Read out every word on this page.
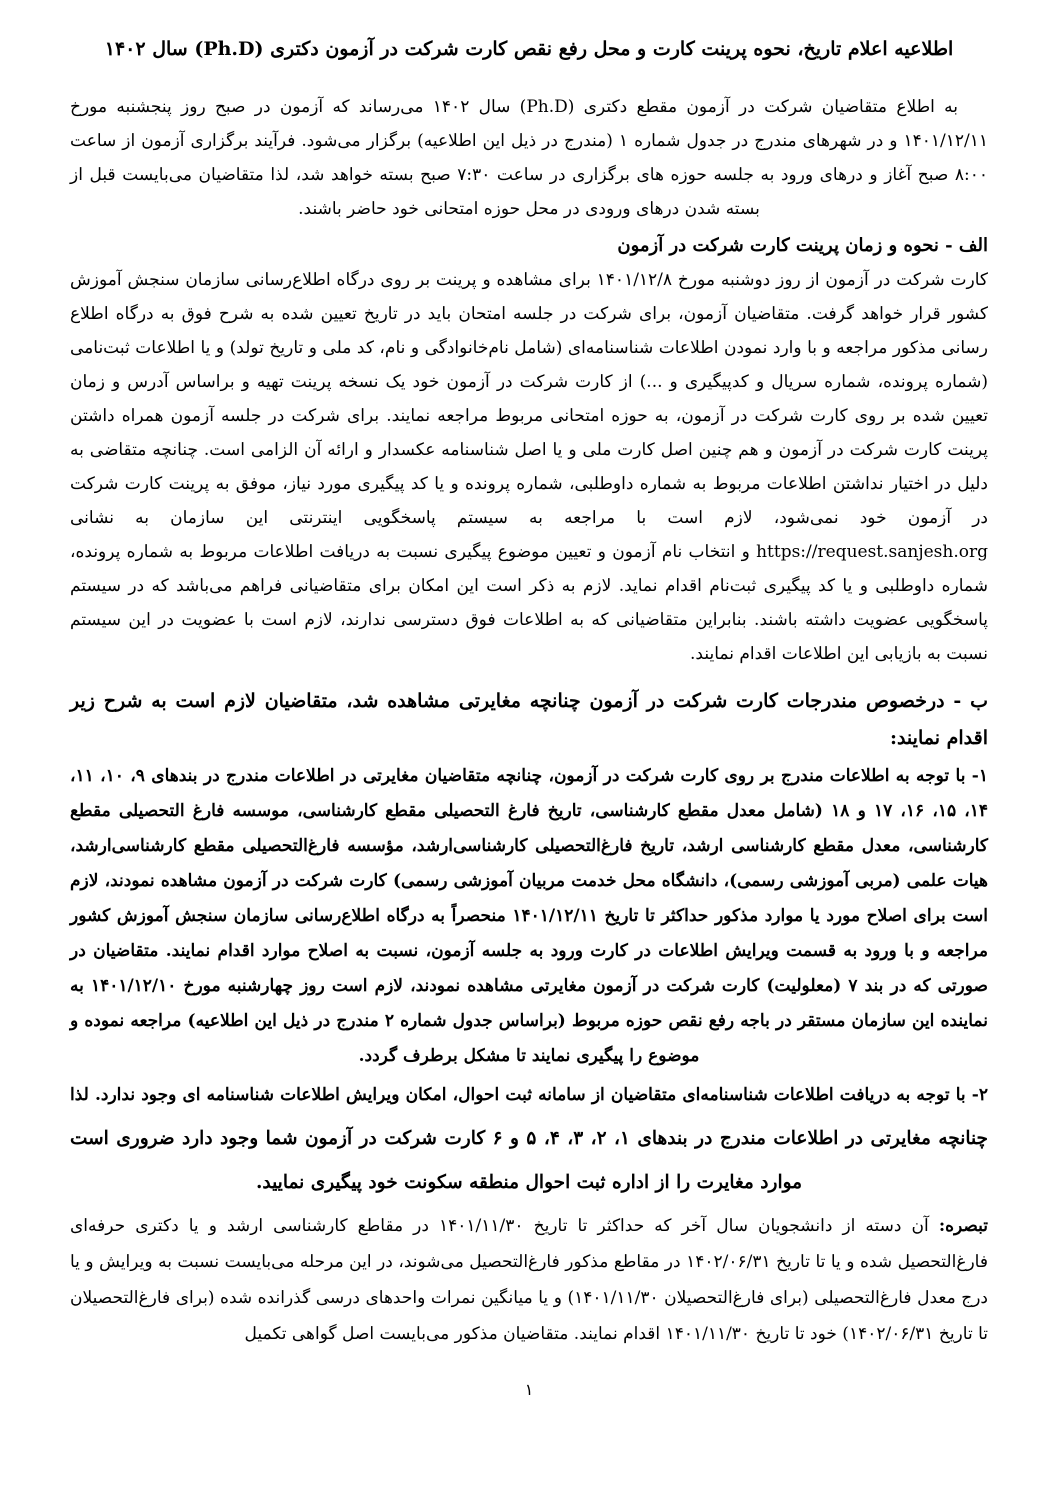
اطلاعیه اعلام تاریخ، نحوه پرینت کارت و محل رفع نقص کارت شرکت در آزمون دکتری (Ph.D) سال ۱۴۰۲

به اطلاع متقاضیان شرکت در آزمون مقطع دکتری (Ph.D) سال ۱۴۰۲ می‌رساند که آزمون در صبح روز پنجشنبه مورخ ۱۴۰۱/۱۲/۱۱ و در شهرهای مندرج در جدول شماره ۱ (مندرج در ذیل این اطلاعیه) برگزار می‌شود. فرآیند برگزاری آزمون از ساعت ۸:۰۰ صبح آغاز و درهای ورود به جلسه حوزه های برگزاری در ساعت ۷:۳۰ صبح بسته خواهد شد، لذا متقاضیان می‌بایست قبل از بسته شدن درهای ورودی در محل حوزه امتحانی خود حاضر باشند.

الف - نحوه و زمان پرینت کارت شرکت در آزمون

کارت شرکت در آزمون از روز دوشنبه مورخ ۱۴۰۱/۱۲/۸ برای مشاهده و پرینت بر روی درگاه اطلاع‌رسانی سازمان سنجش آموزش کشور قرار خواهد گرفت. متقاضیان آزمون، برای شرکت در جلسه امتحان باید در تاریخ تعیین شده به شرح فوق به درگاه اطلاع رسانی مذکور مراجعه و با وارد نمودن اطلاعات شناسنامه‌ای (شامل نام‌خانوادگی و نام، کد ملی و تاریخ تولد) و یا اطلاعات ثبت‌نامی (شماره پرونده، شماره سریال و کدپیگیری و ...) از کارت شرکت در آزمون خود یک نسخه پرینت تهیه و براساس آدرس و زمان تعیین شده بر روی کارت شرکت در آزمون، به حوزه امتحانی مربوط مراجعه نمایند. برای شرکت در جلسه آزمون همراه داشتن پرینت کارت شرکت در آزمون و هم چنین اصل کارت ملی و یا اصل شناسنامه عکسدار و ارائه آن الزامی است. چنانچه متقاضی به دلیل در اختیار نداشتن اطلاعات مربوط به شماره داوطلبی، شماره پرونده و یا کد پیگیری مورد نیاز، موفق به پرینت کارت شرکت در آزمون خود نمی‌شود، لازم است با مراجعه به سیستم پاسخگویی اینترنتی این سازمان به نشانی https://request.sanjesh.org و انتخاب نام آزمون و تعیین موضوع پیگیری نسبت به دریافت اطلاعات مربوط به شماره پرونده، شماره داوطلبی و یا کد پیگیری ثبت‌نام اقدام نماید. لازم به ذکر است این امکان برای متقاضیانی فراهم می‌باشد که در سیستم پاسخگویی عضویت داشته باشند. بنابراین متقاضیانی که به اطلاعات فوق دسترسی ندارند، لازم است با عضویت در این سیستم نسبت به بازیابی این اطلاعات اقدام نمایند.

ب - درخصوص مندرجات کارت شرکت در آزمون چنانچه مغایرتی مشاهده شد، متقاضیان لازم است به شرح زیر اقدام نمایند:

۱- با توجه به اطلاعات مندرج بر روی کارت شرکت در آزمون، چنانچه متقاضیان مغایرتی در اطلاعات مندرج در بندهای ۹، ۱۰، ۱۱، ۱۴، ۱۵، ۱۶، ۱۷ و ۱۸ (شامل معدل مقطع کارشناسی، تاریخ فارغ التحصیلی مقطع کارشناسی، موسسه فارغ التحصیلی مقطع کارشناسی، معدل مقطع کارشناسی ارشد، تاریخ فارغ‌التحصیلی کارشناسی‌ارشد، مؤسسه فارغ‌التحصیلی مقطع کارشناسی‌ارشد، هیات علمی (مربی آموزشی رسمی)، دانشگاه محل خدمت مربیان آموزشی رسمی) کارت شرکت در آزمون مشاهده نمودند، لازم است برای اصلاح مورد یا موارد مذکور حداکثر تا تاریخ ۱۴۰۱/۱۲/۱۱ منحصراً به درگاه اطلاع‌رسانی سازمان سنجش آموزش کشور مراجعه و با ورود به قسمت ویرایش اطلاعات در کارت ورود به جلسه آزمون، نسبت به اصلاح موارد اقدام نمایند. متقاضیان در صورتی که در بند ۷ (معلولیت) کارت شرکت در آزمون مغایرتی مشاهده نمودند، لازم است روز چهارشنبه مورخ ۱۴۰۱/۱۲/۱۰ به نماینده این سازمان مستقر در باجه رفع نقص حوزه مربوط (براساس جدول شماره ۲ مندرج در ذیل این اطلاعیه) مراجعه نموده و موضوع را پیگیری نمایند تا مشکل برطرف گردد.

۲- با توجه به دریافت اطلاعات شناسنامه‌ای متقاضیان از سامانه ثبت احوال، امکان ویرایش اطلاعات شناسنامه ای وجود ندارد. لذا چنانچه مغایرتی در اطلاعات مندرج در بندهای ۱، ۲، ۳، ۴، ۵ و ۶ کارت شرکت در آزمون شما وجود دارد ضروری است موارد مغایرت را از اداره ثبت احوال منطقه سکونت خود پیگیری نمایید.

تبصره: آن دسته از دانشجویان سال آخر که حداکثر تا تاریخ ۱۴۰۱/۱۱/۳۰ در مقاطع کارشناسی ارشد و یا دکتری حرفه‌ای فارغ‌التحصیل شده و یا تا تاریخ ۱۴۰۲/۰۶/۳۱ در مقاطع مذکور فارغ‌التحصیل می‌شوند، در این مرحله می‌بایست نسبت به ویرایش و یا درج معدل فارغ‌التحصیلی (برای فارغ‌التحصیلان ۱۴۰۱/۱۱/۳۰) و یا میانگین نمرات واحدهای درسی گذرانده شده (برای فارغ‌التحصیلان تا تاریخ ۱۴۰۲/۰۶/۳۱) خود تا تاریخ ۱۴۰۱/۱۱/۳۰ اقدام نمایند. متقاضیان مذکور می‌بایست اصل گواهی تکمیل

۱
